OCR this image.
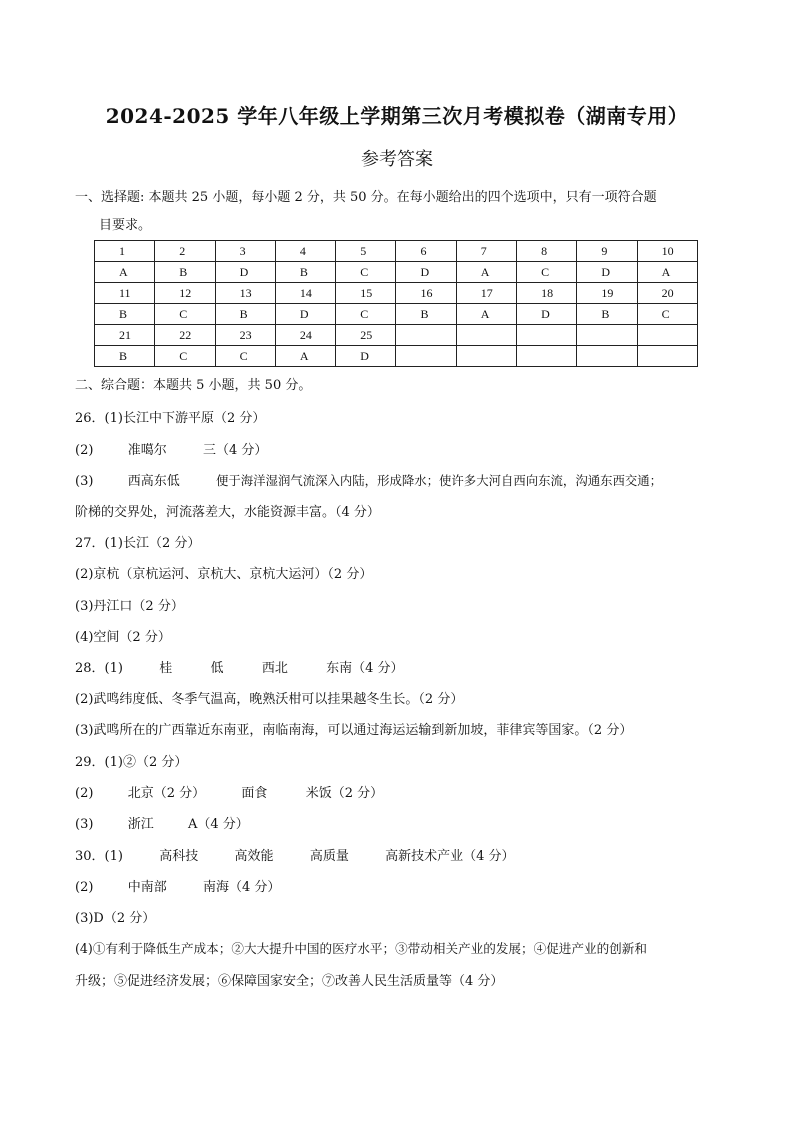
2024-2025 学年八年级上学期第三次月考模拟卷（湖南专用）
参考答案
一、选择题: 本题共 25 小题，每小题 2 分，共 50 分。在每小题给出的四个选项中，只有一项符合题
目要求。
1	2	3	4	5	6	7	8	9	10
A	B	D	B	C	D	A	C	D	A
11	12	13	14	15	16	17	18	19	20
B	C	B	D	C	B	A	D	B	C
21	22	23	24	25					
B	C	C	A	D					
二、综合题：本题共 5 小题，共 50 分。
26．(1)长江中下游平原（2 分）
(2)	准噶尔	三（4 分）
(3)	西高东低	便于海洋湿润气流深入内陆，形成降水；使许多大河自西向东流，沟通东西交通；
阶梯的交界处，河流落差大，水能资源丰富。（4 分）
27．(1)长江（2 分）
(2)京杭（京杭运河、京杭大、京杭大运河）（2 分）
(3)丹江口（2 分）
(4)空间（2 分）
28．(1)	桂	低	西北	东南（4 分）
(2)武鸣纬度低、冬季气温高，晚熟沃柑可以挂果越冬生长。（2 分）
(3)武鸣所在的广西靠近东南亚，南临南海，可以通过海运运输到新加坡，菲律宾等国家。（2 分）
29．(1)②（2 分）
(2)	北京（2 分）	面食	米饭（2 分）
(3)	浙江	A（4 分）
30．(1)	高科技	高效能	高质量	高新技术产业（4 分）
(2)	中南部	南海（4 分）
(3)D（2 分）
(4)①有利于降低生产成本；②大大提升中国的医疗水平；③带动相关产业的发展；④促进产业的创新和
升级；⑤促进经济发展；⑥保障国家安全；⑦改善人民生活质量等（4 分）
